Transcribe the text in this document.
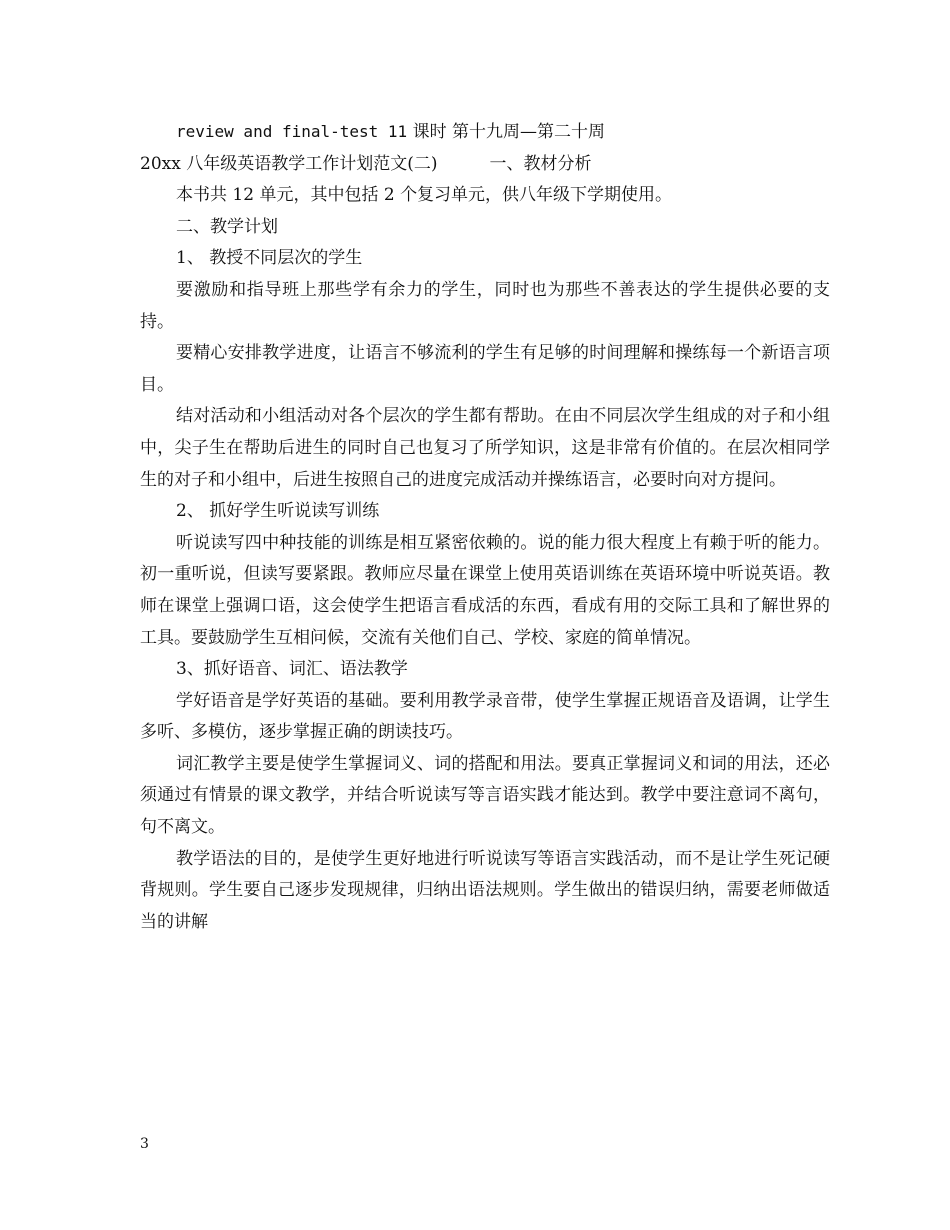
review and final-test 11 课时 第十九周—第二十周

20xx 八年级英语教学工作计划范文(二)	一、教材分析

本书共 12 单元，其中包括 2 个复习单元，供八年级下学期使用。

二、教学计划

1、 教授不同层次的学生

要激励和指导班上那些学有余力的学生，同时也为那些不善表达的学生提供必要的支持。

要精心安排教学进度，让语言不够流利的学生有足够的时间理解和操练每一个新语言项目。

结对活动和小组活动对各个层次的学生都有帮助。在由不同层次学生组成的对子和小组中，尖子生在帮助后进生的同时自己也复习了所学知识，这是非常有价值的。在层次相同学生的对子和小组中，后进生按照自己的进度完成活动并操练语言，必要时向对方提问。

2、 抓好学生听说读写训练

听说读写四中种技能的训练是相互紧密依赖的。说的能力很大程度上有赖于听的能力。初一重听说，但读写要紧跟。教师应尽量在课堂上使用英语训练在英语环境中听说英语。教师在课堂上强调口语，这会使学生把语言看成活的东西，看成有用的交际工具和了解世界的工具。要鼓励学生互相问候，交流有关他们自己、学校、家庭的简单情况。

3、抓好语音、词汇、语法教学

学好语音是学好英语的基础。要利用教学录音带，使学生掌握正规语音及语调，让学生多听、多模仿，逐步掌握正确的朗读技巧。

词汇教学主要是使学生掌握词义、词的搭配和用法。要真正掌握词义和词的用法，还必须通过有情景的课文教学，并结合听说读写等言语实践才能达到。教学中要注意词不离句，句不离文。

教学语法的目的，是使学生更好地进行听说读写等语言实践活动，而不是让学生死记硬背规则。学生要自己逐步发现规律，归纳出语法规则。学生做出的错误归纳，需要老师做适当的讲解

3
